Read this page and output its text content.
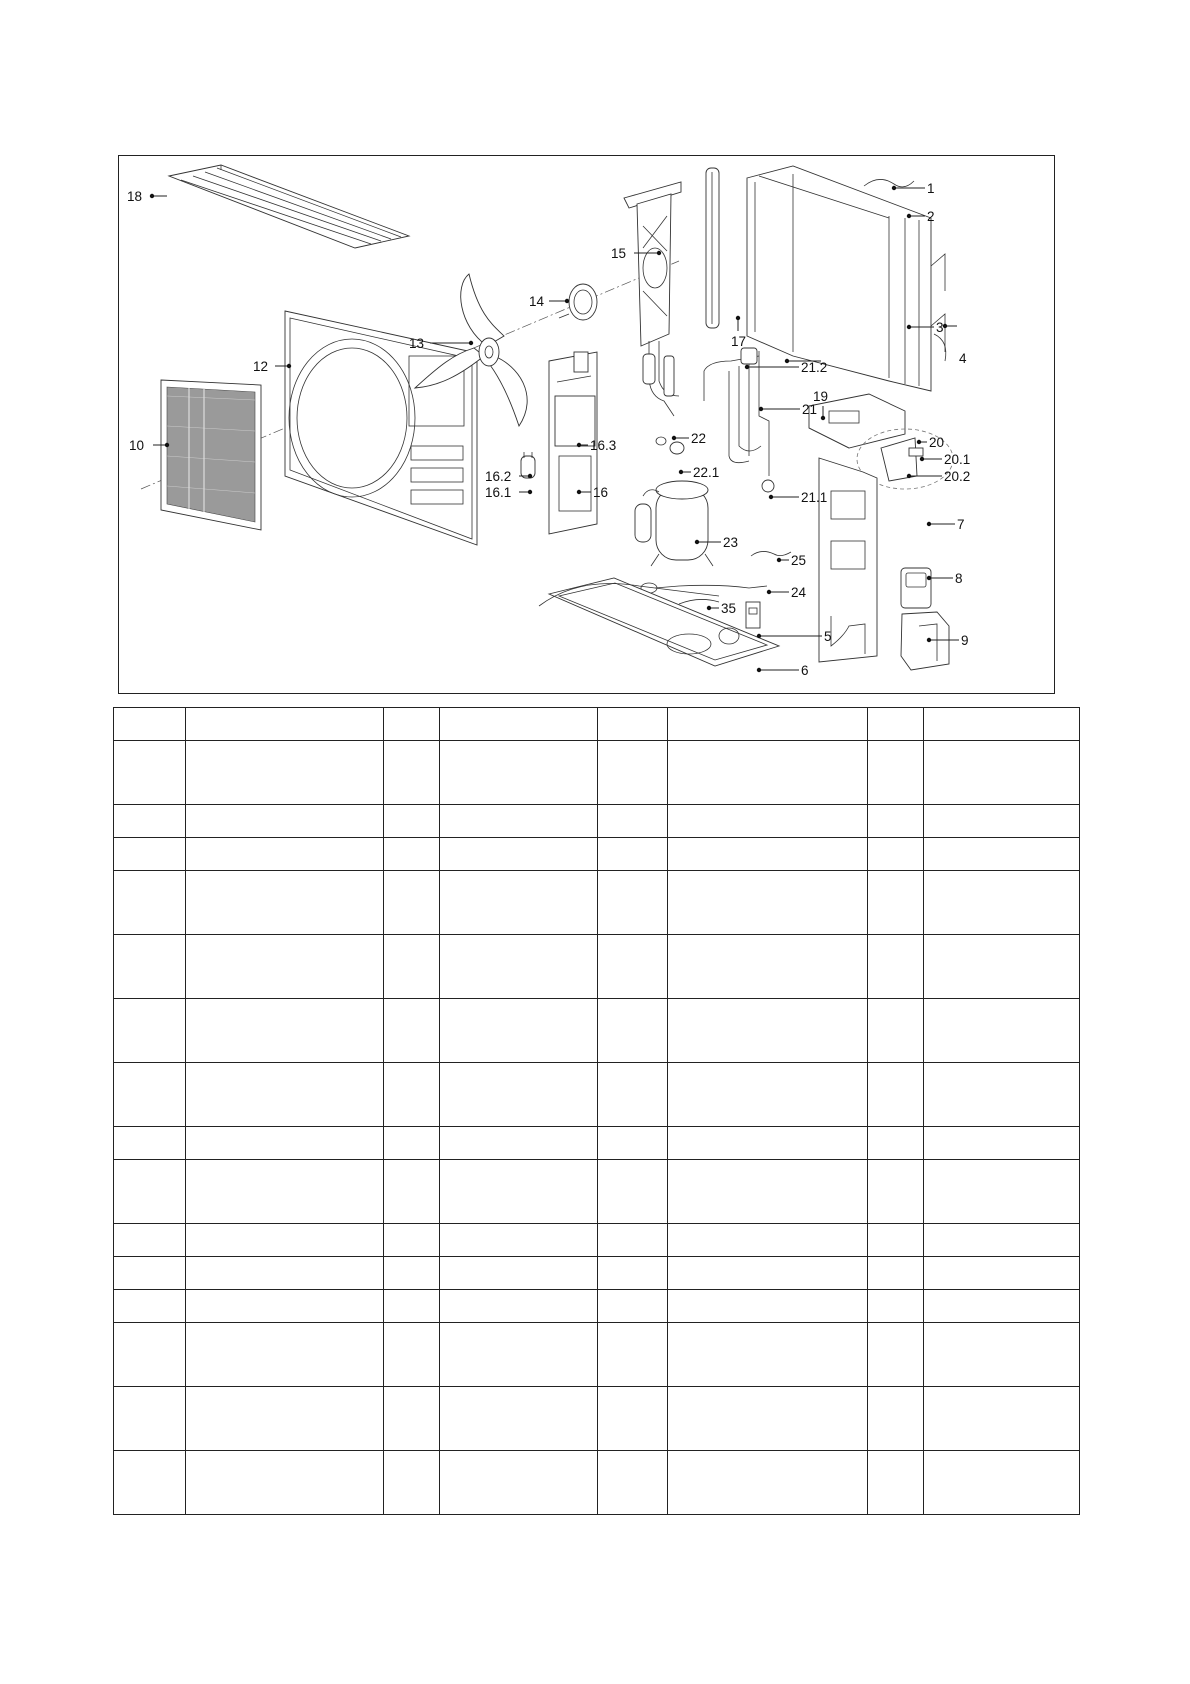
1
2
3
4
5
6
7
8
9
10
12
13
14
15
16
16.1
16.2
16.3
17
18
19
20
20.1
20.2
21
21.1
21.2
22
22.1
23
24
25
35
